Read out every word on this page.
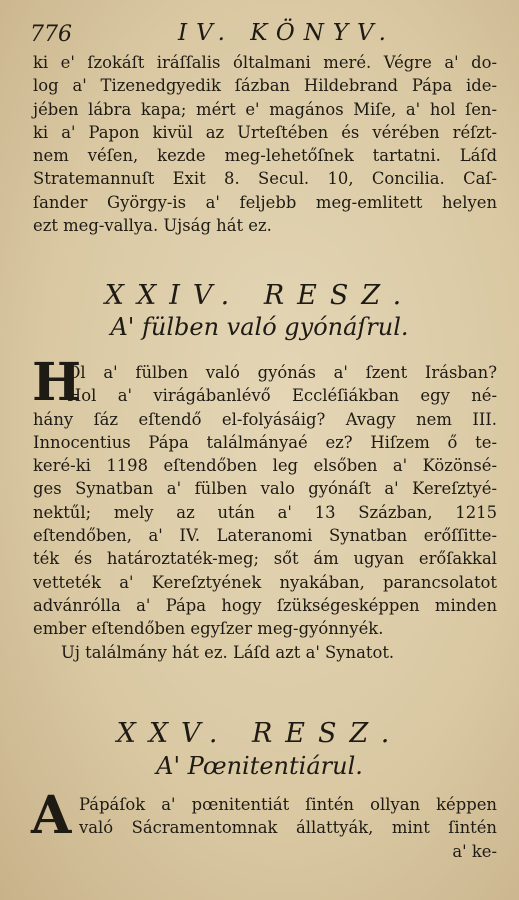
776	IV. KÖNYV.
ki e' ſzokáſt iráſſalis óltalmani meré. Végre a' do-
log a' Tizenedgyedik ſázban Hildebrand Pápa ide-
jében lábra kapa; mért e' magános Miſe, a' hol ſen-
ki a' Papon kivül az Urteſtében és vérében réſzt-
nem véſen, kezde meg-lehetőſnek tartatni. Láſd
Stratemannuſt Exit 8. Secul. 10, Concilia. Caſ-
ſander György-is a' feljebb meg-emlitett helyen
ezt meg-vallya. Ujság hát ez.
XXIV. RESZ.
A' fülben való gyónáſrul.
H
Ol a' fülben való gyónás a' ſzent Irásban?
Hol a' virágábanlévő Eccléſiákban egy né-
hány ſáz eſtendő el-folyásáig? Avagy nem III.
Innocentius Pápa találmányaé ez? Hiſzem ő te-
keré-ki 1198 eſtendőben leg elsőben a' Közönsé-
ges Synatban a' fülben valo gyónáſt a' Kereſztyé-
nektűl; mely az után a' 13 Százban, 1215
eſtendőben, a' IV. Lateranomi Synatban erőſſitte-
ték és határoztaték-meg; sőt ám ugyan erőſakkal
vetteték a' Kereſztyének nyakában, parancsolatot
advánrólla a' Pápa hogy ſzükségesképpen minden
ember eſtendőben egyſzer meg-gyónnyék.
Uj találmány hát ez. Láſd azt a' Synatot.
XXV. RESZ.
A' Pœnitentiárul.
A Pápáſok a' pœnitentiát ſintén ollyan képpen
való Sácramentomnak állattyák, mint ſintén
a' ke-
